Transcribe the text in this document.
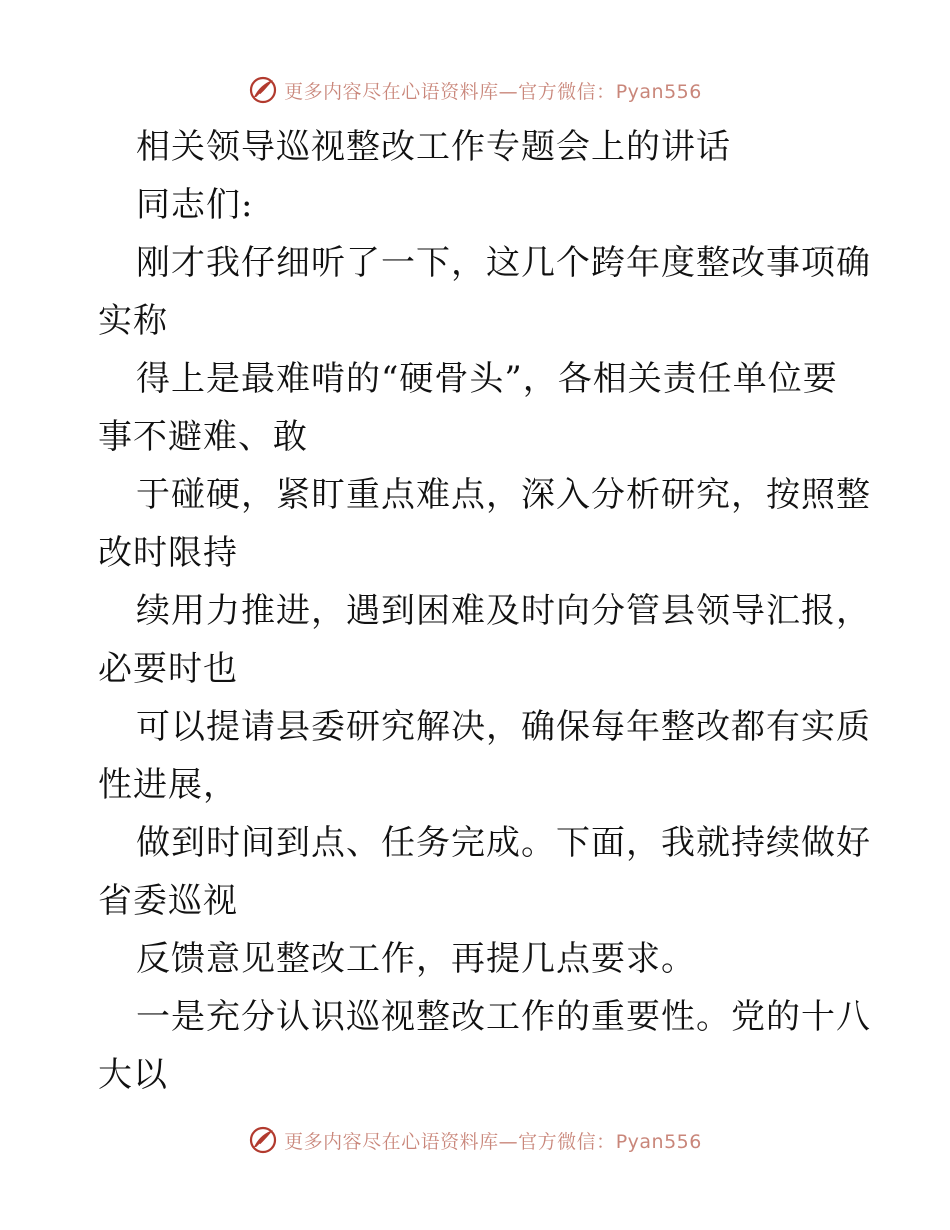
更多内容尽在心语资料库—官方微信：Pyan556
相关领导巡视整改工作专题会上的讲话
同志们:
刚才我仔细听了一下，这几个跨年度整改事项确
实称
得上是最难啃的“硬骨头”，各相关责任单位要
事不避难、敢
于碰硬，紧盯重点难点，深入分析研究，按照整
改时限持
续用力推进，遇到困难及时向分管县领导汇报，
必要时也
可以提请县委研究解决，确保每年整改都有实质
性进展，
做到时间到点、任务完成。下面，我就持续做好
省委巡视
反馈意见整改工作，再提几点要求。
一是充分认识巡视整改工作的重要性。党的十八
大以
更多内容尽在心语资料库—官方微信：Pyan556
